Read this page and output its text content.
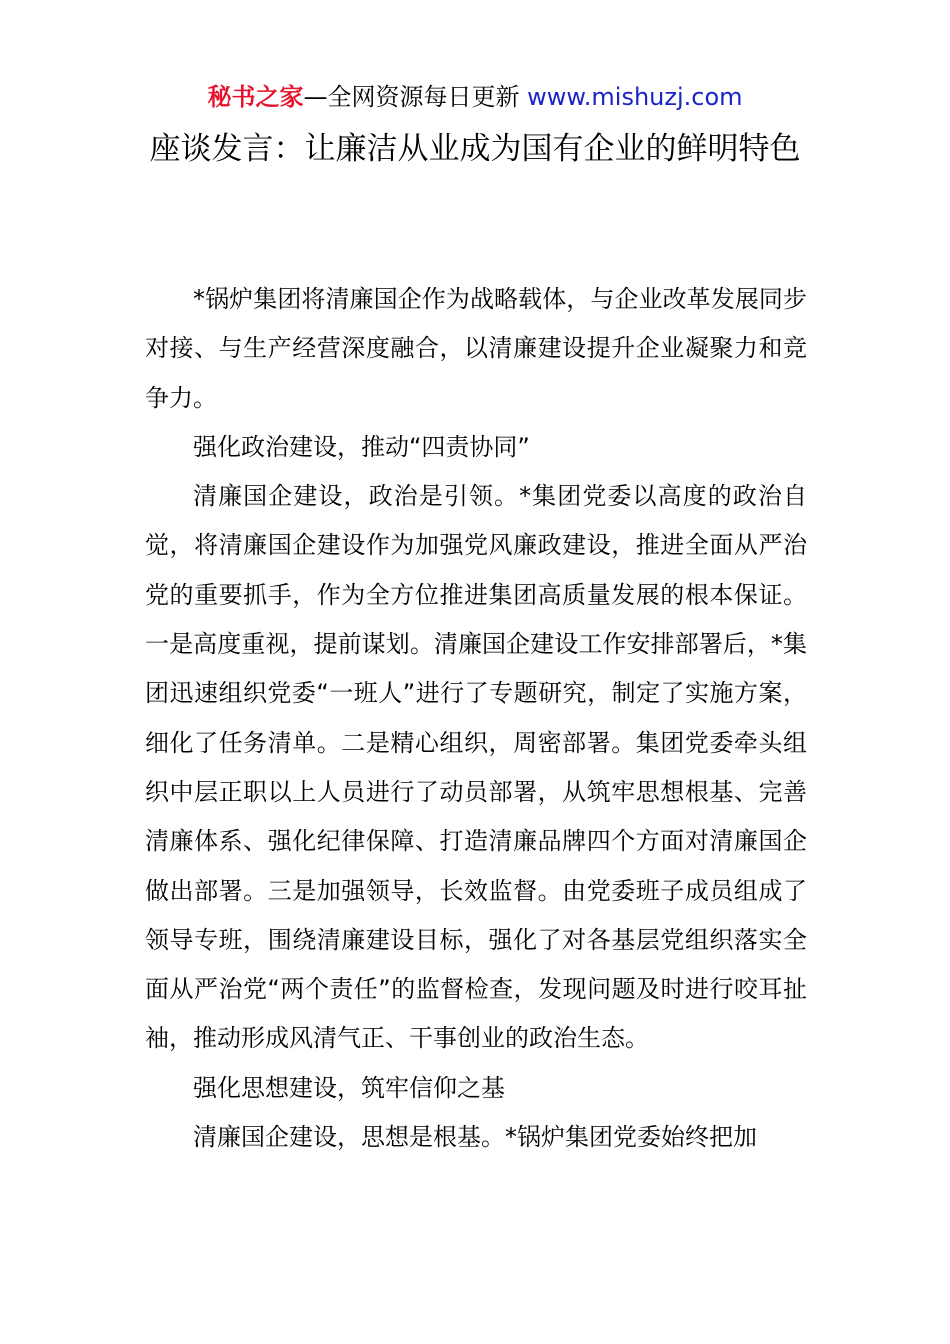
秘书之家—全网资源每日更新 www.mishuzj.com
座谈发言：让廉洁从业成为国有企业的鲜明特色

*锅炉集团将清廉国企作为战略载体，与企业改革发展同步对接、与生产经营深度融合，以清廉建设提升企业凝聚力和竞争力。

强化政治建设，推动“四责协同”

清廉国企建设，政治是引领。*集团党委以高度的政治自觉，将清廉国企建设作为加强党风廉政建设，推进全面从严治党的重要抓手，作为全方位推进集团高质量发展的根本保证。一是高度重视，提前谋划。清廉国企建设工作安排部署后，*集团迅速组织党委“一班人”进行了专题研究，制定了实施方案，细化了任务清单。二是精心组织，周密部署。集团党委牵头组织中层正职以上人员进行了动员部署，从筑牢思想根基、完善清廉体系、强化纪律保障、打造清廉品牌四个方面对清廉国企做出部署。三是加强领导，长效监督。由党委班子成员组成了领导专班，围绕清廉建设目标，强化了对各基层党组织落实全面从严治党“两个责任”的监督检查，发现问题及时进行咬耳扯袖，推动形成风清气正、干事创业的政治生态。

强化思想建设，筑牢信仰之基

清廉国企建设，思想是根基。*锅炉集团党委始终把加
